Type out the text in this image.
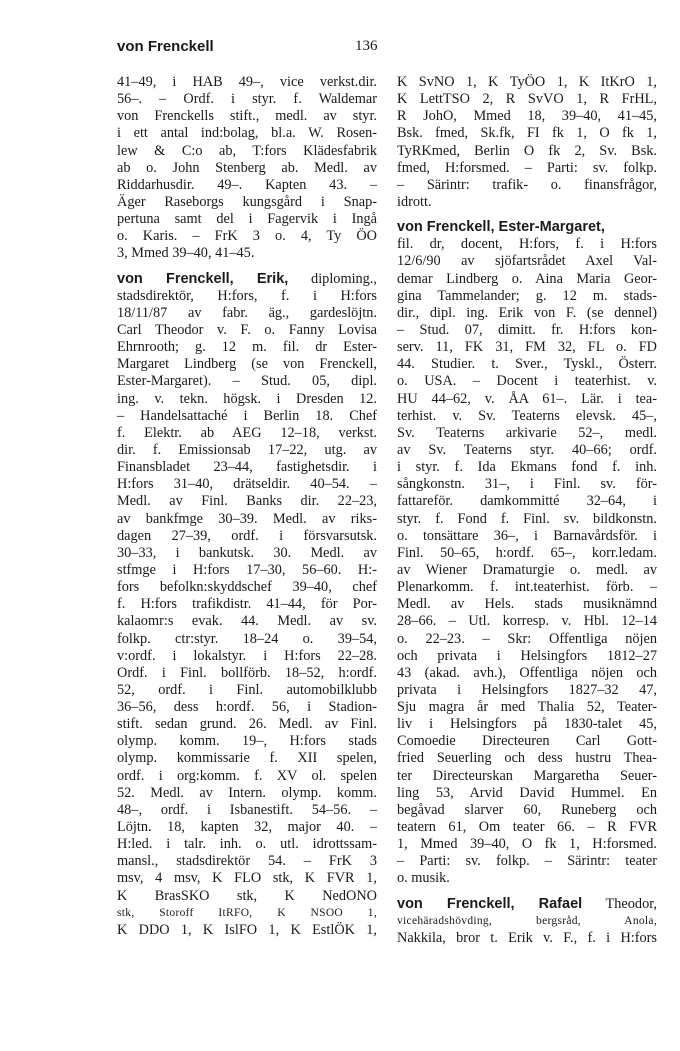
von Frenckell	136
41–49, i HAB 49–, vice verkst.dir.
56–. – Ordf. i styr. f. Waldemar
von Frenckells stift., medl. av styr.
i ett antal ind:bolag, bl.a. W. Rosen-
lew & C:o ab, T:fors Klädesfabrik
ab o. John Stenberg ab. Medl. av
Riddarhusdir. 49–. Kapten 43. –
Äger Raseborgs kungsgård i Snap-
pertuna samt del i Fagervik i Ingå
o. Karis. – FrK 3 o. 4, Ty ÖO
3, Mmed 39–40, 41–45.
von Frenckell, Erik, diploming.,
stadsdirektör, H:fors, f. i H:fors
18/11/87 av fabr. äg., gardeslöjtn.
Carl Theodor v. F. o. Fanny Lovisa
Ehrnrooth; g. 12 m. fil. dr Ester-
Margaret Lindberg (se von Frenckell,
Ester-Margaret). – Stud. 05, dipl.
ing. v. tekn. högsk. i Dresden 12.
– Handelsattaché i Berlin 18. Chef
f. Elektr. ab AEG 12–18, verkst.
dir. f. Emissionsab 17–22, utg. av
Finansbladet 23–44, fastighetsdir. i
H:fors 31–40, drätseldir. 40–54. –
Medl. av Finl. Banks dir. 22–23,
av bankfmge 30–39. Medl. av riks-
dagen 27–39, ordf. i försvarsutsk.
30–33, i bankutsk. 30. Medl. av
stfmge i H:fors 17–30, 56–60. H:-
fors befolkn:skyddschef 39–40, chef
f. H:fors trafikdistr. 41–44, för Por-
kalaomr:s evak. 44. Medl. av sv.
folkp. ctr:styr. 18–24 o. 39–54,
v:ordf. i lokalstyr. i H:fors 22–28.
Ordf. i Finl. bollförb. 18–52, h:ordf.
52, ordf. i Finl. automobilklubb
36–56, dess h:ordf. 56, i Stadion-
stift. sedan grund. 26. Medl. av Finl.
olymp. komm. 19–, H:fors stads
olymp. kommissarie f. XII spelen,
ordf. i org:komm. f. XV ol. spelen
52. Medl. av Intern. olymp. komm.
48–, ordf. i Isbanestift. 54–56. –
Löjtn. 18, kapten 32, major 40. –
H:led. i talr. inh. o. utl. idrottssam-
mansl., stadsdirektör 54. – FrK 3
msv, 4 msv, K FLO stk, K FVR 1,
K BrasSKO stk, K NedONO
stk, Storoff ItRFO, K NSOO 1,
K DDO 1, K IslFO 1, K EstlÖK 1,
K SvNO 1, K TyÖO 1, K ItKrO 1,
K LettTSO 2, R SvVO 1, R FrHL,
R JohO, Mmed 18, 39–40, 41–45,
Bsk. fmed, Sk.fk, FI fk 1, O fk 1,
TyRKmed, Berlin O fk 2, Sv. Bsk.
fmed, H:forsmed. – Parti: sv. folkp.
– Särintr: trafik- o. finansfrågor,
idrott.
von Frenckell, Ester-Margaret,
fil. dr, docent, H:fors, f. i H:fors
12/6/90 av sjöfartsrådet Axel Val-
demar Lindberg o. Aina Maria Geor-
gina Tammelander; g. 12 m. stads-
dir., dipl. ing. Erik von F. (se dennel)
– Stud. 07, dimitt. fr. H:fors kon-
serv. 11, FK 31, FM 32, FL o. FD
44. Studier. t. Sver., Tyskl., Österr.
o. USA. – Docent i teaterhist. v.
HU 44–62, v. ÅA 61–. Lär. i tea-
terhist. v. Sv. Teaterns elevsk. 45–,
Sv. Teaterns arkivarie 52–, medl.
av Sv. Teaterns styr. 40–66; ordf.
i styr. f. Ida Ekmans fond f. inh.
sångkonstn. 31–, i Finl. sv. för-
fattareför. damkommitté 32–64, i
styr. f. Fond f. Finl. sv. bildkonstn.
o. tonsättare 36–, i Barnavårdsför. i
Finl. 50–65, h:ordf. 65–, korr.ledam.
av Wiener Dramaturgie o. medl. av
Plenarkomm. f. int.teaterhist. förb. –
Medl. av Hels. stads musiknämnd
28–66. – Utl. korresp. v. Hbl. 12–14
o. 22–23. – Skr: Offentliga nöjen
och privata i Helsingfors 1812–27
43 (akad. avh.), Offentliga nöjen och
privata i Helsingfors 1827–32 47,
Sju magra år med Thalia 52, Teater-
liv i Helsingfors på 1830-talet 45,
Comoedie Directeuren Carl Gott-
fried Seuerling och dess hustru Thea-
ter Directeurskan Margaretha Seuer-
ling 53, Arvid David Hummel. En
begåvad slarver 60, Runeberg och
teatern 61, Om teater 66. – R FVR
1, Mmed 39–40, O fk 1, H:forsmed.
– Parti: sv. folkp. – Särintr: teater
o. musik.
von Frenckell, Rafael Theodor,
vicehäradshövding, bergsråd, Anola,
Nakkila, bror t. Erik v. F., f. i H:fors
